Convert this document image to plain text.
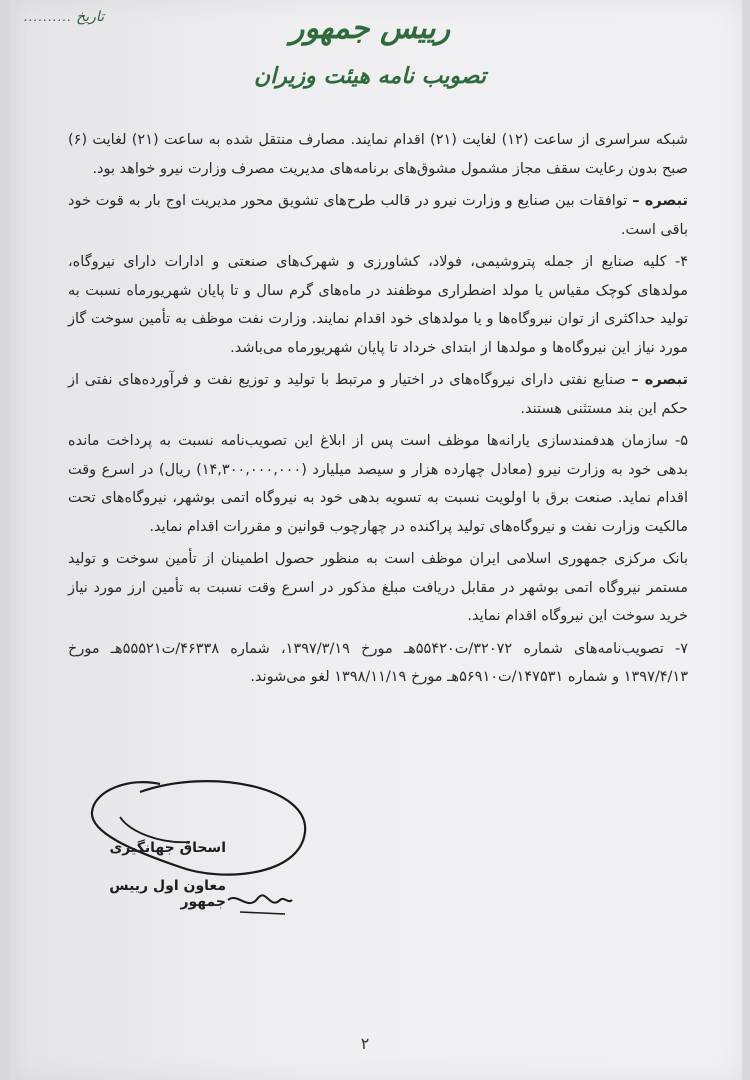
.......... تاریخ	رییس جمهور
تصویب نامه هیئت وزیران

شبکه سراسری از ساعت (۱۲) لغایت (۲۱) اقدام نمایند. مصارف منتقل شده به ساعت (۲۱) لغایت (۶) صبح بدون رعایت سقف مجاز مشمول مشوق‌های برنامه‌های مدیریت مصرف وزارت نیرو خواهد بود.

تبصره – توافقات بین صنایع و وزارت نیرو در قالب طرح‌های تشویق محور مدیریت اوج بار به قوت خود باقی است.

۴- کلیه صنایع از جمله پتروشیمی، فولاد، کشاورزی و شهرک‌های صنعتی و ادارات دارای نیروگاه، مولدهای کوچک مقیاس یا مولد اضطراری موظفند در ماه‌های گرم سال و تا پایان شهریورماه نسبت به تولید حداکثری از توان نیروگاه‌ها و یا مولدهای خود اقدام نمایند. وزارت نفت موظف به تأمین سوخت گاز مورد نیاز این نیروگاه‌ها و مولدها از ابتدای خرداد تا پایان شهریورماه می‌باشد.

تبصره – صنایع نفتی دارای نیروگاه‌های در اختیار و مرتبط با تولید و توزیع نفت و فرآورده‌های نفتی از حکم این بند مستثنی هستند.

۵- سازمان هدفمندسازی یارانه‌ها موظف است پس از ابلاغ این تصویب‌نامه نسبت به پرداخت مانده بدهی خود به وزارت نیرو (معادل چهارده هزار و سیصد میلیارد (۱۴,۳۰۰,۰۰۰,۰۰۰) ریال) در اسرع وقت اقدام نماید. صنعت برق با اولویت نسبت به تسویه بدهی خود به نیروگاه اتمی بوشهر، نیروگاه‌های تحت مالکیت وزارت نفت و نیروگاه‌های تولید پراکنده در چهارچوب قوانین و مقررات اقدام نماید.

بانک مرکزی جمهوری اسلامی ایران موظف است به منظور حصول اطمینان از تأمین سوخت و تولید مستمر نیروگاه اتمی بوشهر در مقابل دریافت مبلغ مذکور در اسرع وقت نسبت به تأمین ارز مورد نیاز خرید سوخت این نیروگاه اقدام نماید.

۷- تصویب‌نامه‌های شماره ۳۲۰۷۲/ت۵۵۴۲۰هـ مورخ ۱۳۹۷/۳/۱۹، شماره ۴۶۳۳۸/ت۵۵۵۲۱هـ مورخ ۱۳۹۷/۴/۱۳ و شماره ۱۴۷۵۳۱/ت۵۶۹۱۰هـ مورخ ۱۳۹۸/۱۱/۱۹ لغو می‌شوند.

اسحاق جهانگیری
معاون اول رییس جمهور
۲
